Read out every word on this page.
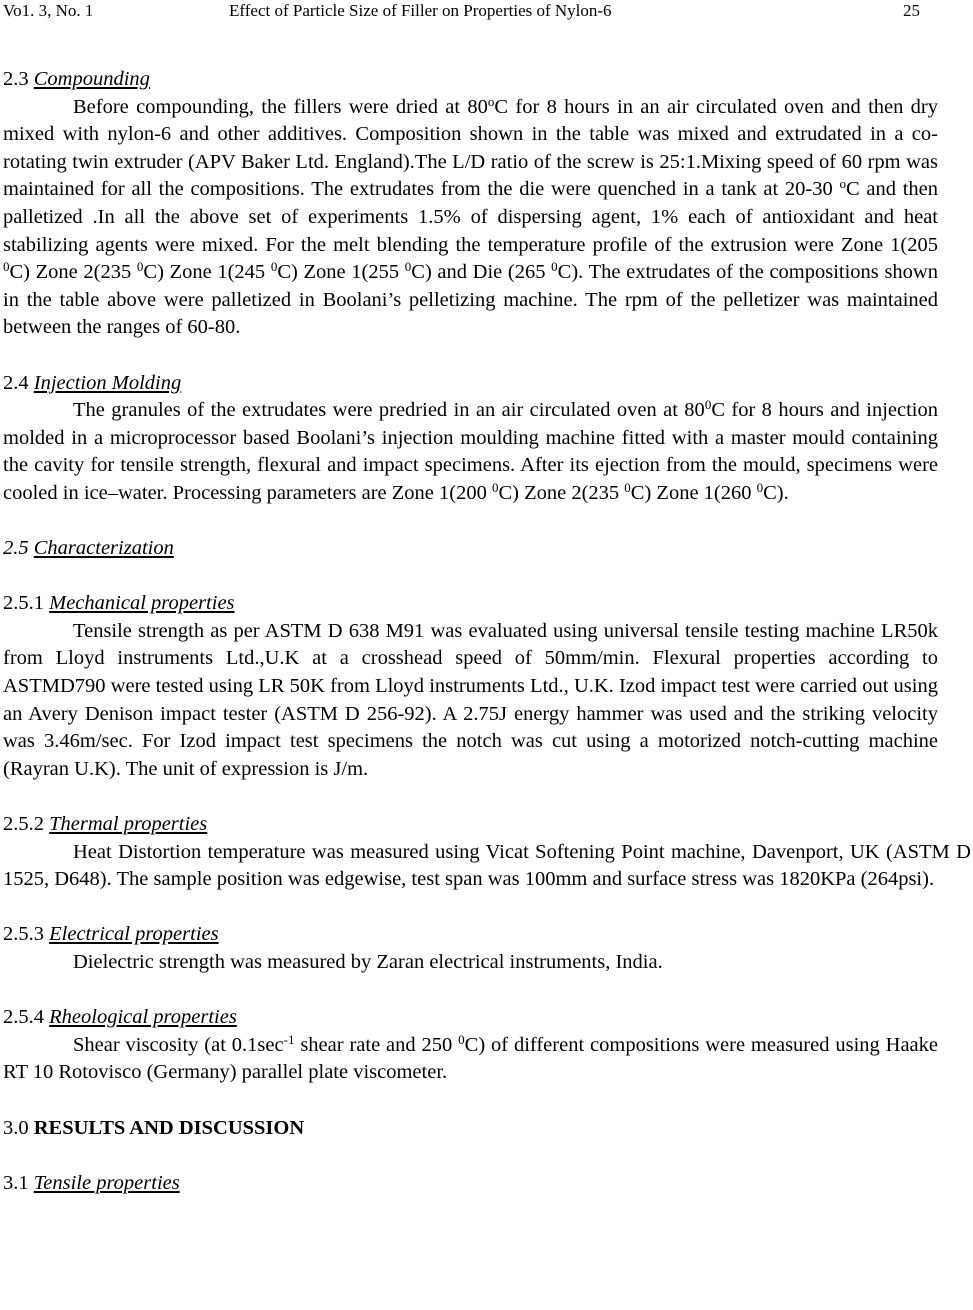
Vo1. 3, No. 1	Effect of Particle Size of Filler on Properties of Nylon-6	25
2.3 Compounding

Before compounding, the fillers were dried at 80$^o$C for 8 hours in an air circulated oven and then dry mixed with nylon-6 and other additives. Composition shown in the table was mixed and extrudated in a co-rotating twin extruder (APV Baker Ltd. England).The L/D ratio of the screw is 25:1.Mixing speed of 60 rpm was maintained for all the compositions. The extrudates from the die were quenched in a tank at 20-30 $^o$C and then palletized .In all the above set of experiments 1.5% of dispersing agent, 1% each of antioxidant and heat stabilizing agents were mixed. For the melt blending the temperature profile of the extrusion were Zone 1(205 $^0$C) Zone 2(235 $^0$C) Zone 1(245 $^0$C) Zone 1(255 $^0$C) and Die (265 $^0$C). The extrudates of the compositions shown in the table above were palletized in Boolani’s pelletizing machine. The rpm of the pelletizer was maintained between the ranges of 60-80.

2.4 Injection Molding

The granules of the extrudates were predried in an air circulated oven at $80^0C$ for 8 hours and injection molded in a microprocessor based Boolani’s injection moulding machine fitted with a master mould containing the cavity for tensile strength, flexural and impact specimens. After its ejection from the mould, specimens were cooled in ice–water. Processing parameters are Zone 1(200 $^0$C) Zone 2(235 $^0$C) Zone 1(260 $^0$C).

2.5 Characterization
2.5.1 Mechanical properties

Tensile strength as per ASTM D 638 M91 was evaluated using universal tensile testing machine LR50k from Lloyd instruments Ltd.,U.K at a crosshead speed of 50mm/min. Flexural properties according to ASTMD790 were tested using LR 50K from Lloyd instruments Ltd., U.K. Izod impact test were carried out using an Avery Denison impact tester (ASTM D 256-92). A 2.75J energy hammer was used and the striking velocity was 3.46m/sec. For Izod impact test specimens the notch was cut using a motorized notch-cutting machine (Rayran U.K). The unit of expression is J/m.

2.5.2 Thermal properties

Heat Distortion temperature was measured using Vicat Softening Point machine, Davenport, UK (ASTM D 1525, D648). The sample position was edgewise, test span was 100mm and surface stress was 1820KPa (264psi).

2.5.3 Electrical properties

Dielectric strength was measured by Zaran electrical instruments, India.

2.5.4 Rheological properties

Shear viscosity (at $0.1\sec^{-1}$ shear rate and 250 $^0$C) of different compositions were measured using Haake RT 10 Rotovisco (Germany) parallel plate viscometer.

3.0 RESULTS AND DISCUSSION
3.1 Tensile properties
